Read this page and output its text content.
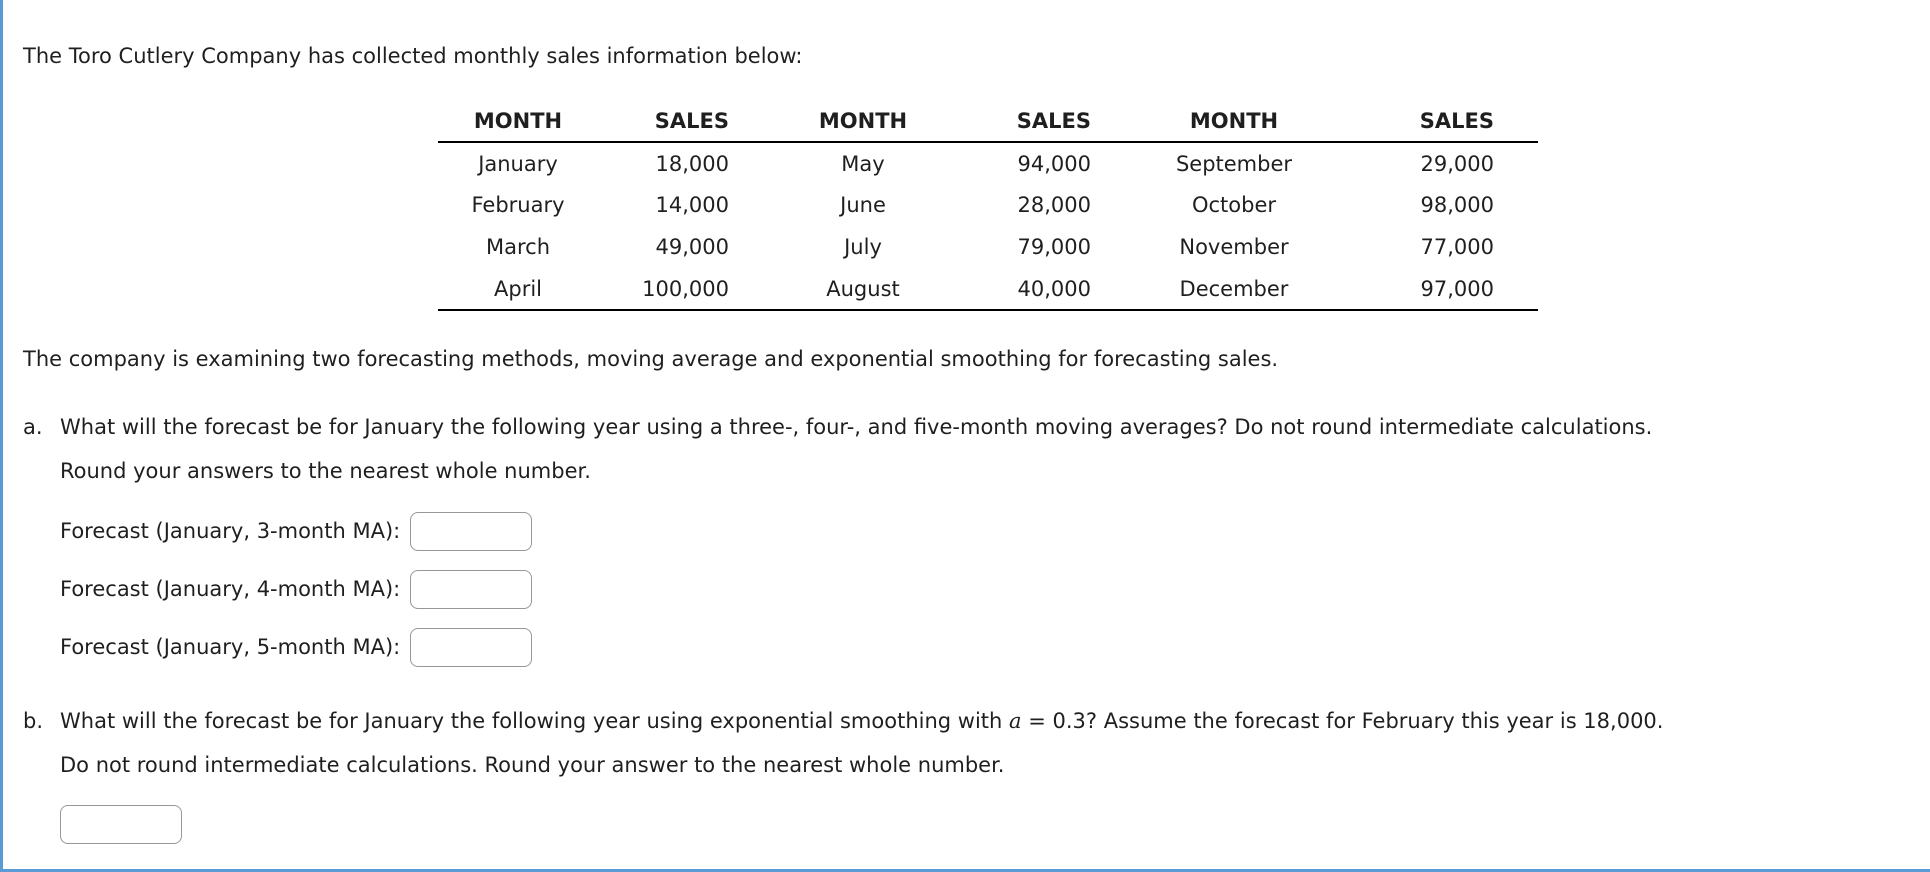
The Toro Cutlery Company has collected monthly sales information below:

MONTH	SALES	MONTH	SALES	MONTH	SALES
January	18,000	May	94,000	September	29,000
February	14,000	June	28,000	October	98,000
March	49,000	July	79,000	November	77,000
April	100,000	August	40,000	December	97,000

The company is examining two forecasting methods, moving average and exponential smoothing for forecasting sales.

a. What will the forecast be for January the following year using a three-, four-, and five-month moving averages? Do not round intermediate calculations.
Round your answers to the nearest whole number.
Forecast (January, 3-month MA):
Forecast (January, 4-month MA):
Forecast (January, 5-month MA):
b. What will the forecast be for January the following year using exponential smoothing with a = 0.3? Assume the forecast for February this year is 18,000.
Do not round intermediate calculations. Round your answer to the nearest whole number.
